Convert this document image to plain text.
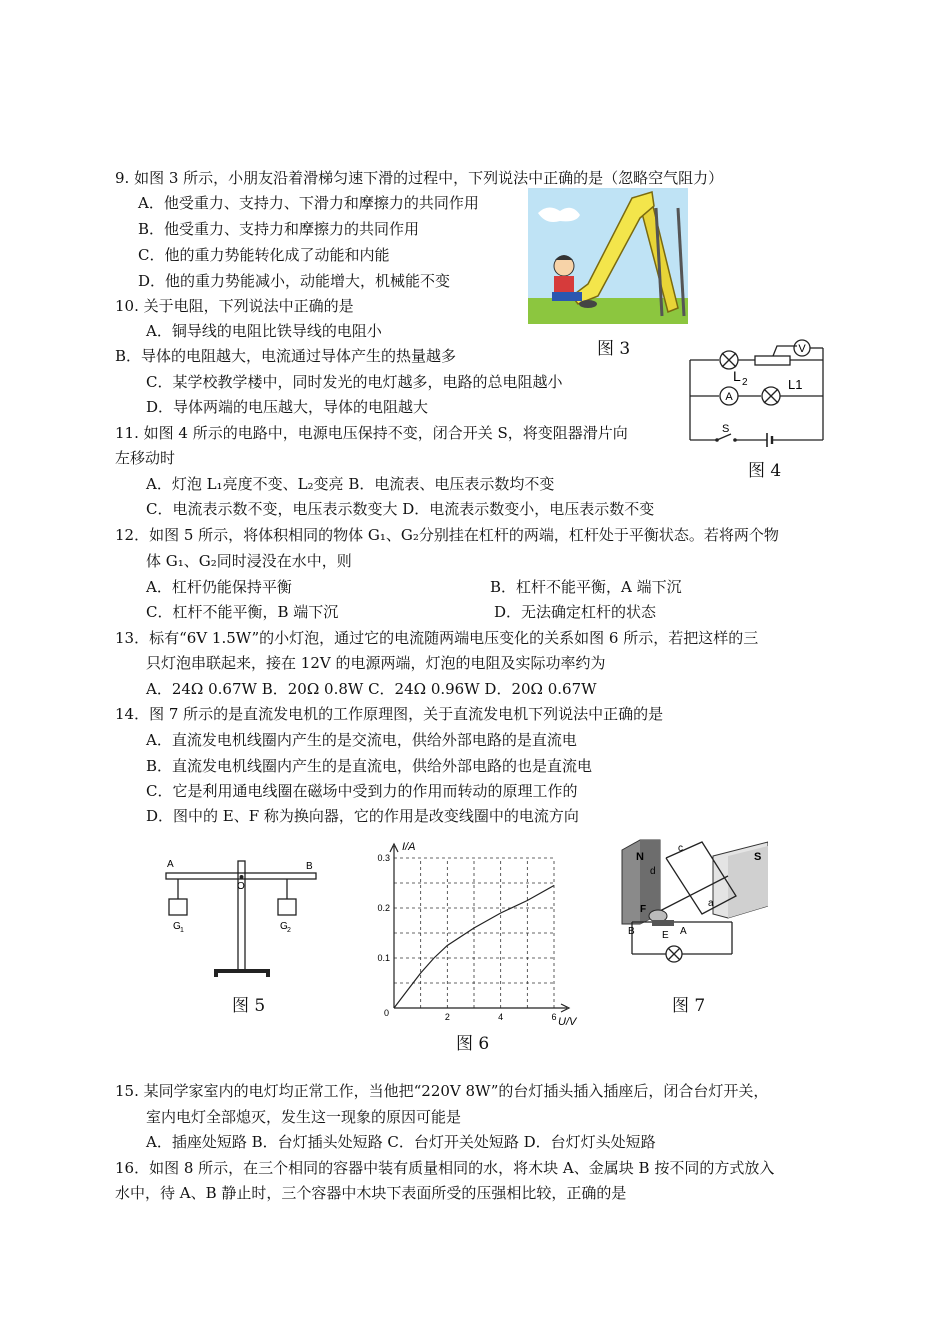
9. 如图 3 所示，小朋友沿着滑梯匀速下滑的过程中，下列说法中正确的是（忽略空气阻力）
A．他受重力、支持力、下滑力和摩擦力的共同作用
B．他受重力、支持力和摩擦力的共同作用
C．他的重力势能转化成了动能和内能
D．他的重力势能减小，动能增大，机械能不变
图 3
10. 关于电阻，下列说法中正确的是
A．铜导线的电阻比铁导线的电阻小
B．导体的电阻越大，电流通过导体产生的热量越多
C．某学校教学楼中，同时发光的电灯越多，电路的总电阻越小
D．导体两端的电压越大，导体的电阻越大
V
A
L 2	L1
S
图 4
11. 如图 4 所示的电路中，电源电压保持不变，闭合开关 S，将变阻器滑片向
左移动时
A．灯泡 L₁亮度不变、L₂变亮 B．电流表、电压表示数均不变
C．电流表示数不变，电压表示数变大 D．电流表示数变小，电压表示数不变
12．如图 5 所示，将体积相同的物体 G₁、G₂分别挂在杠杆的两端，杠杆处于平衡状态。若将两个物
体 G₁、G₂同时浸没在水中，则
A．杠杆仍能保持平衡	B．杠杆不能平衡，A 端下沉
C．杠杆不能平衡，B 端下沉	D．无法确定杠杆的状态
13．标有“6V 1.5W”的小灯泡，通过它的电流随两端电压变化的关系如图 6 所示，若把这样的三
只灯泡串联起来，接在 12V 的电源两端，灯泡的电阻及实际功率约为
A．24Ω 0.67W B．20Ω 0.8W C．24Ω 0.96W D．20Ω 0.67W
14．图 7 所示的是直流发电机的工作原理图，关于直流发电机下列说法中正确的是
A．直流发电机线圈内产生的是交流电，供给外部电路的是直流电
B．直流发电机线圈内产生的是直流电，供给外部电路的也是直流电
C．它是利用通电线圈在磁场中受到力的作用而转动的原理工作的
D．图中的 E、F 称为换向器，它的作用是改变线圈中的电流方向
A	B
O
G 1	G 2
图 5
2	4	6
0.1
0.2
0.3
I/A
U/V
0
图 6
N	S
c
d
a
F
B	E A
图 7
15. 某同学家室内的电灯均正常工作，当他把“220V 8W”的台灯插头插入插座后，闭合台灯开关，
室内电灯全部熄灭，发生这一现象的原因可能是
A．插座处短路 B．台灯插头处短路 C．台灯开关处短路 D．台灯灯头处短路
16．如图 8 所示，在三个相同的容器中装有质量相同的水，将木块 A、金属块 B 按不同的方式放入
水中，待 A、B 静止时，三个容器中木块下表面所受的压强相比较，正确的是
